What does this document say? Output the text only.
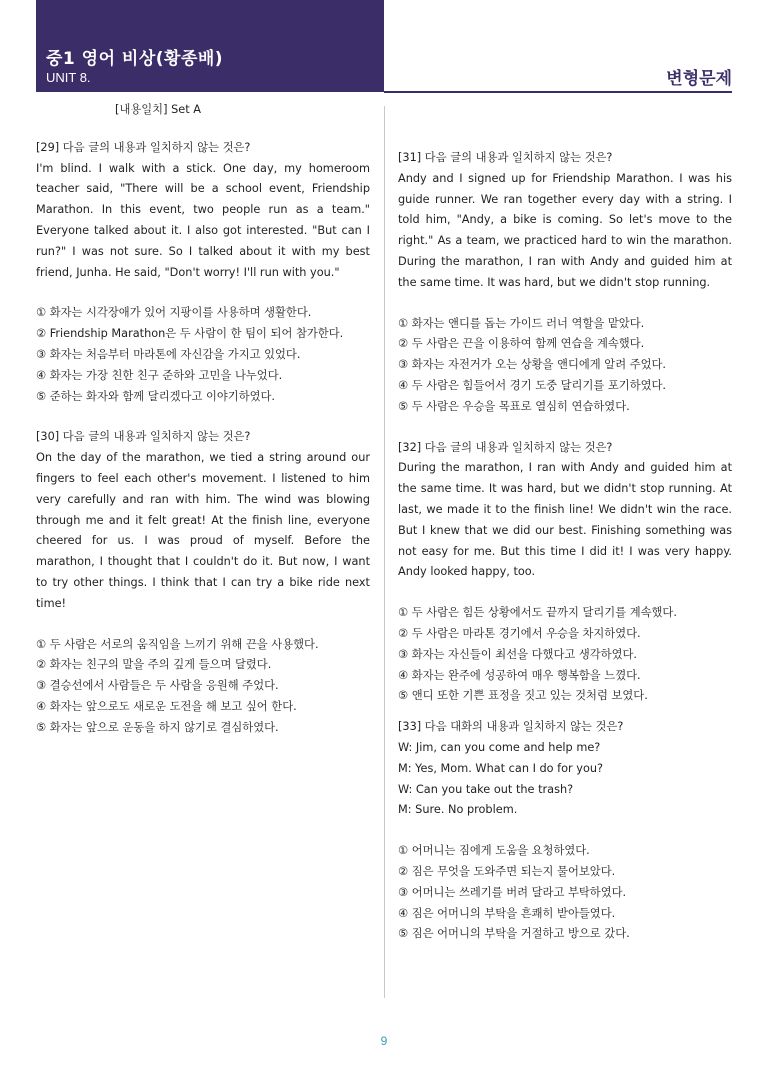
중1 영어 비상(황종배)
UNIT 8.	변형문제
[내용일치] Set A

[29] 다음 글의 내용과 일치하지 않는 것은?

I'm blind. I walk with a stick. One day, my homeroom teacher said, "There will be a school event, Friendship Marathon. In this event, two people run as a team." Everyone talked about it. I also got interested. "But can I run?" I was not sure. So I talked about it with my best friend, Junha. He said, "Don't worry! I'll run with you."

① 화자는 시각장애가 있어 지팡이를 사용하며 생활한다.
② Friendship Marathon은 두 사람이 한 팀이 되어 참가한다.
③ 화자는 처음부터 마라톤에 자신감을 가지고 있었다.
④ 화자는 가장 친한 친구 준하와 고민을 나누었다.
⑤ 준하는 화자와 함께 달리겠다고 이야기하였다.

[30] 다음 글의 내용과 일치하지 않는 것은?

On the day of the marathon, we tied a string around our fingers to feel each other's movement. I listened to him very carefully and ran with him. The wind was blowing through me and it felt great! At the finish line, everyone cheered for us. I was proud of myself. Before the marathon, I thought that I couldn't do it. But now, I want to try other things. I think that I can try a bike ride next time!

① 두 사람은 서로의 움직임을 느끼기 위해 끈을 사용했다.
② 화자는 친구의 말을 주의 깊게 들으며 달렸다.
③ 결승선에서 사람들은 두 사람을 응원해 주었다.
④ 화자는 앞으로도 새로운 도전을 해 보고 싶어 한다.
⑤ 화자는 앞으로 운동을 하지 않기로 결심하였다.

[31] 다음 글의 내용과 일치하지 않는 것은?

Andy and I signed up for Friendship Marathon. I was his guide runner. We ran together every day with a string. I told him, "Andy, a bike is coming. So let's move to the right." As a team, we practiced hard to win the marathon. During the marathon, I ran with Andy and guided him at the same time. It was hard, but we didn't stop running.

① 화자는 앤디를 돕는 가이드 러너 역할을 맡았다.
② 두 사람은 끈을 이용하여 함께 연습을 계속했다.
③ 화자는 자전거가 오는 상황을 앤디에게 알려 주었다.
④ 두 사람은 힘들어서 경기 도중 달리기를 포기하였다.
⑤ 두 사람은 우승을 목표로 열심히 연습하였다.

[32] 다음 글의 내용과 일치하지 않는 것은?

During the marathon, I ran with Andy and guided him at the same time. It was hard, but we didn't stop running. At last, we made it to the finish line! We didn't win the race. But I knew that we did our best. Finishing something was not easy for me. But this time I did it! I was very happy. Andy looked happy, too.

① 두 사람은 힘든 상황에서도 끝까지 달리기를 계속했다.
② 두 사람은 마라톤 경기에서 우승을 차지하였다.
③ 화자는 자신들이 최선을 다했다고 생각하였다.
④ 화자는 완주에 성공하여 매우 행복함을 느꼈다.
⑤ 앤디 또한 기쁜 표정을 짓고 있는 것처럼 보였다.

[33] 다음 대화의 내용과 일치하지 않는 것은?

W: Jim, can you come and help me?

M: Yes, Mom. What can I do for you?

W: Can you take out the trash?

M: Sure. No problem.

① 어머니는 짐에게 도움을 요청하였다.
② 짐은 무엇을 도와주면 되는지 물어보았다.
③ 어머니는 쓰레기를 버려 달라고 부탁하였다.
④ 짐은 어머니의 부탁을 흔쾌히 받아들였다.
⑤ 짐은 어머니의 부탁을 거절하고 방으로 갔다.
9
